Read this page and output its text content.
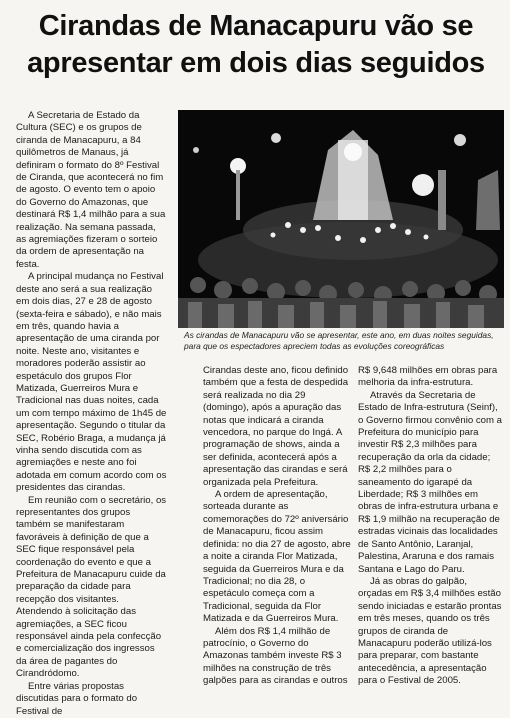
Cirandas de Manacapuru vão se apresentar em dois dias seguidos

A Secretaria de Estado da Cultura (SEC) e os grupos de ciranda de Manacapuru, a 84 quilômetros de Manaus, já definiram o formato do 8º Festival de Ciranda, que acontecerá no fim de agosto. O evento tem o apoio do Governo do Amazonas, que destinará R$ 1,4 milhão para a sua realização. Na semana passada, as agremiações fizeram o sorteio da ordem de apresentação na festa.

A principal mudança no Festival deste ano será a sua realização em dois dias, 27 e 28 de agosto (sexta-feira e sábado), e não mais em três, quando havia a apresentação de uma ciranda por noite. Neste ano, visitantes e moradores poderão assistir ao espetáculo dos grupos Flor Matizada, Guerreiros Mura e Tradicional nas duas noites, cada um com tempo máximo de 1h45 de apresentação. Segundo o titular da SEC, Robério Braga, a mudança já vinha sendo discutida com as agremiações e neste ano foi adotada em comum acordo com os presidentes das cirandas.

Em reunião com o secretário, os representantes dos grupos também se manifestaram favoráveis à definição de que a SEC fique responsável pela coordenação do evento e que a Prefeitura de Manacapuru cuide da preparação da cidade para recepção dos visitantes. Atendendo à solicitação das agremiações, a SEC ficou responsável ainda pela confecção e comercialização dos ingressos da área de pagantes do Cirandródomo.

Entre várias propostas discutidas para o formato do Festival de

As cirandas de Manacapuru vão se apresentar, este ano, em duas noites seguidas, para que os espectadores apreciem todas as evoluções coreográficas

Cirandas deste ano, ficou definido também que a festa de despedida será realizada no dia 29 (domingo), após a apuração das notas que indicará a ciranda vencedora, no parque do Ingá. A programação de shows, ainda a ser definida, acontecerá após a apresentação das cirandas e será organizada pela Prefeitura.

A ordem de apresentação, sorteada durante as comemorações do 72º aniversário de Manacapuru, ficou assim definida: no dia 27 de agosto, abre a noite a ciranda Flor Matizada, seguida da Guerreiros Mura e da Tradicional; no dia 28, o espetáculo começa com a Tradicional, seguida da Flor Matizada e da Guerreiros Mura.

Além dos R$ 1,4 milhão de patrocínio, o Governo do Amazonas também investe R$ 3 milhões na construção de três galpões para as cirandas e outros

R$ 9,648 milhões em obras para melhoria da infra-estrutura.

Através da Secretaria de Estado de Infra-estrutura (Seinf), o Governo firmou convênio com a Prefeitura do município para investir R$ 2,3 milhões para recuperação da orla da cidade; R$ 2,2 milhões para o saneamento do igarapé da Liberdade; R$ 3 milhões em obras de infra-estrutura urbana e R$ 1,9 milhão na recuperação de estradas vicinais das localidades de Santo Antônio, Laranjal, Palestina, Araruna e dos ramais Santana e Lago do Paru.

Já as obras do galpão, orçadas em R$ 3,4 milhões estão sendo iniciadas e estarão prontas em três meses, quando os três grupos de ciranda de Manacapuru poderão utilizá-los para preparar, com bastante antecedência, a apresentação para o Festival de 2005.
